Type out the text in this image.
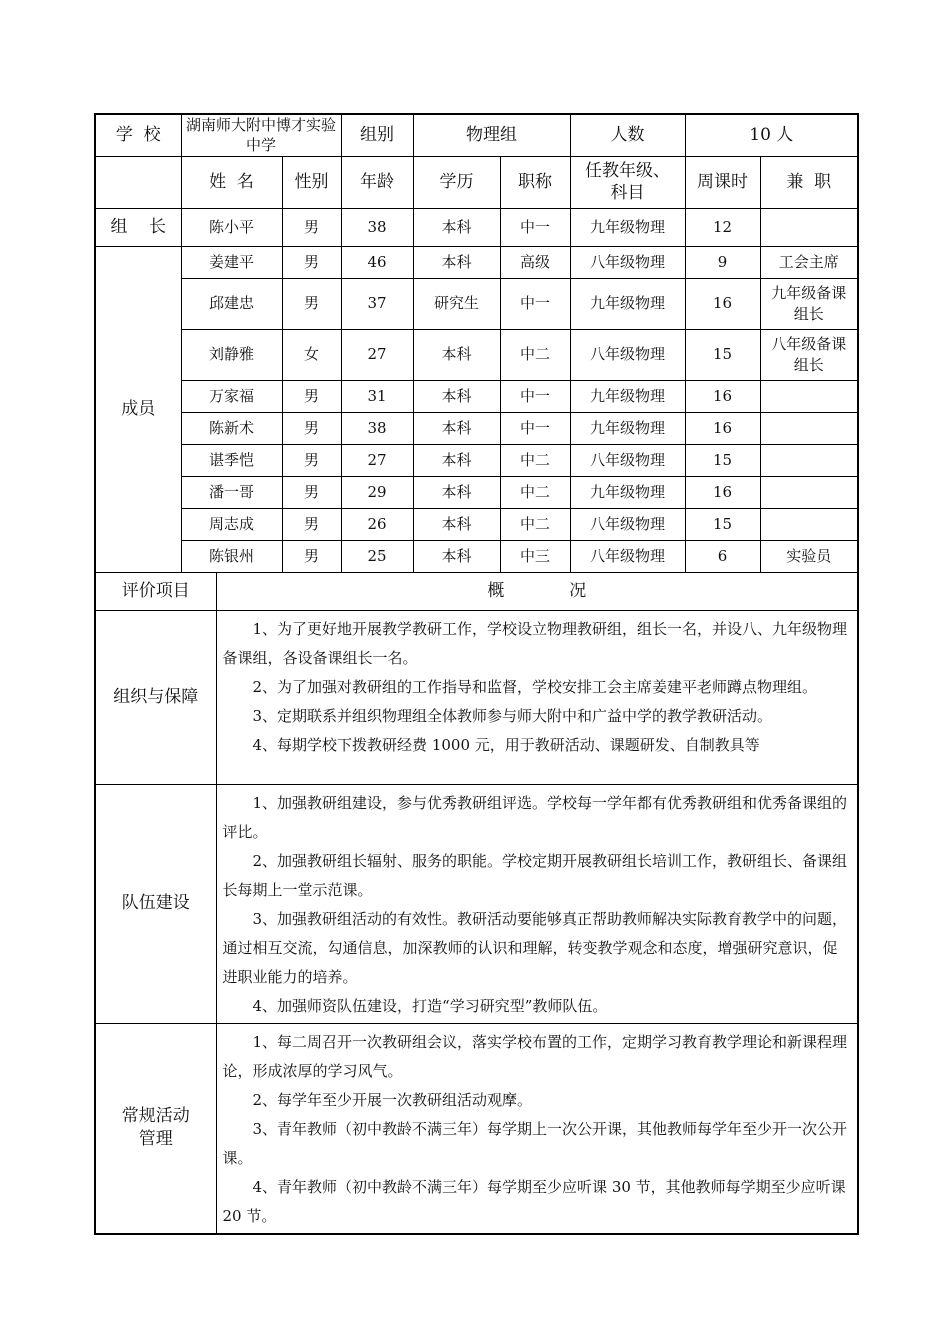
学  校	湖南师大附中博才实验中学			组别	物理组		人数	10 人	
	姓  名		性别	年龄	学历	职称	任教年级、科目	周课时	兼  职
组    长	陈小平		男	38	本科	中一	九年级物理	12	
成员	姜建平		男	46	本科	高级	八年级物理	9	工会主席
	邱建忠		男	37	研究生	中一	九年级物理	16	九年级备课组长
	刘静雅		女	27	本科	中二	八年级物理	15	八年级备课组长
	万家福		男	31	本科	中一	九年级物理	16	
	陈新术		男	38	本科	中一	九年级物理	16	
	谌季恺		男	27	本科	中二	八年级物理	15	
	潘一哥		男	29	本科	中二	九年级物理	16	
	周志成		男	26	本科	中二	八年级物理	15	
	陈银州		男	25	本科	中三	八年级物理	6	实验员
评价项目		概            况							
组织与保障		1、为了更好地开展教学教研工作，学校设立物理教研组，组长一名，并设八、九年级物理备课组，各设备课组长一名。

2、为了加强对教研组的工作指导和监督，学校安排工会主席姜建平老师蹲点物理组。

3、定期联系并组织物理组全体教师参与师大附中和广益中学的教学教研活动。

4、每期学校下拨教研经费 1000 元，用于教研活动、课题研发、自制教具等							

队伍建设		1、加强教研组建设，参与优秀教研组评选。学校每一学年都有优秀教研组和优秀备课组的评比。

2、加强教研组长辐射、服务的职能。学校定期开展教研组长培训工作，教研组长、备课组长每期上一堂示范课。

3、加强教研组活动的有效性。教研活动要能够真正帮助教师解决实际教育教学中的问题，通过相互交流，勾通信息，加深教师的认识和理解，转变教学观念和态度，增强研究意识，促进职业能力的培养。

4、加强师资队伍建设，打造“学习研究型”教师队伍。							

常规活动管理		1、每二周召开一次教研组会议，落实学校布置的工作，定期学习教育教学理论和新课程理论，形成浓厚的学习风气。

2、每学年至少开展一次教研组活动观摩。

3、青年教师（初中教龄不满三年）每学期上一次公开课，其他教师每学年至少开一次公开课。

4、青年教师（初中教龄不满三年）每学期至少应听课 30 节，其他教师每学期至少应听课 20 节。							
